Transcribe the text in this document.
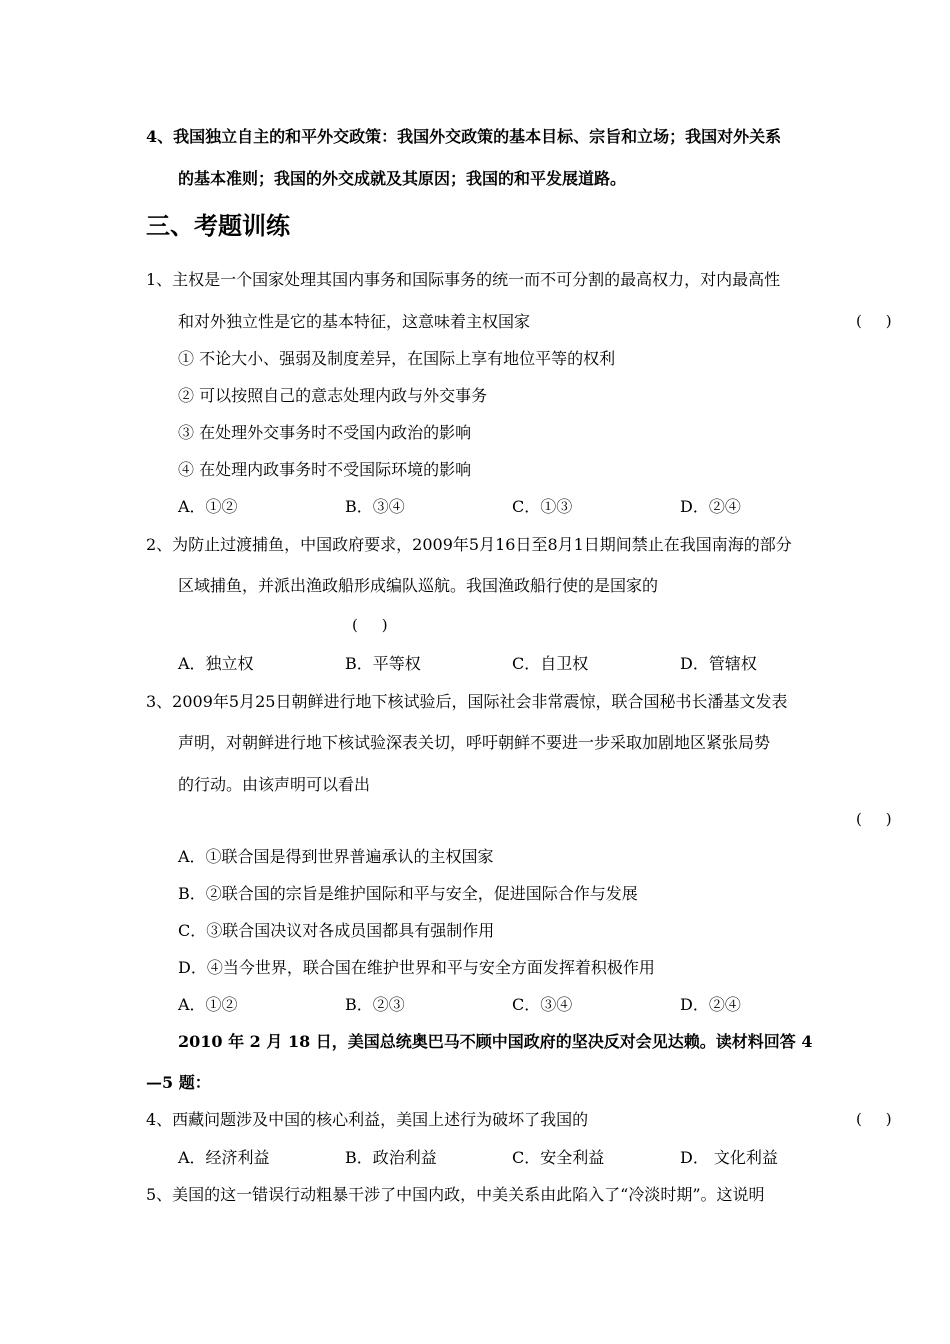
4、我国独立自主的和平外交政策：我国外交政策的基本目标、宗旨和立场；我国对外关系
的基本准则；我国的外交成就及其原因；我国的和平发展道路。
三、考题训练
1、主权是一个国家处理其国内事务和国际事务的统一而不可分割的最高权力，对内最高性
和对外独立性是它的基本特征，这意味着主权国家	(     )
① 不论大小、强弱及制度差异，在国际上享有地位平等的权利
② 可以按照自己的意志处理内政与外交事务
③ 在处理外交事务时不受国内政治的影响
④ 在处理内政事务时不受国际环境的影响
A．①②	B．③④	C．①③	D．②④
2、为防止过渡捕鱼，中国政府要求，2009年5月16日至8月1日期间禁止在我国南海的部分
区域捕鱼，并派出渔政船形成编队巡航。我国渔政船行使的是国家的
(     )
A．独立权	B．平等权	C．自卫权	D．管辖权
3、2009年5月25日朝鲜进行地下核试验后，国际社会非常震惊，联合国秘书长潘基文发表
声明，对朝鲜进行地下核试验深表关切，呼吁朝鲜不要进一步采取加剧地区紧张局势
的行动。由该声明可以看出
(     )
A．①联合国是得到世界普遍承认的主权国家
B．②联合国的宗旨是维护国际和平与安全，促进国际合作与发展
C．③联合国决议对各成员国都具有强制作用
D．④当今世界，联合国在维护世界和平与安全方面发挥着积极作用
A．①②	B．②③	C．③④	D．②④
2010 年 2 月 18 日，美国总统奥巴马不顾中国政府的坚决反对会见达赖。读材料回答 4
—5 题：
4、西藏问题涉及中国的核心利益，美国上述行为破坏了我国的	(     )
A．经济利益	B．政治利益	C．安全利益	D． 文化利益
5、美国的这一错误行动粗暴干涉了中国内政，中美关系由此陷入了“冷淡时期”。这说明
